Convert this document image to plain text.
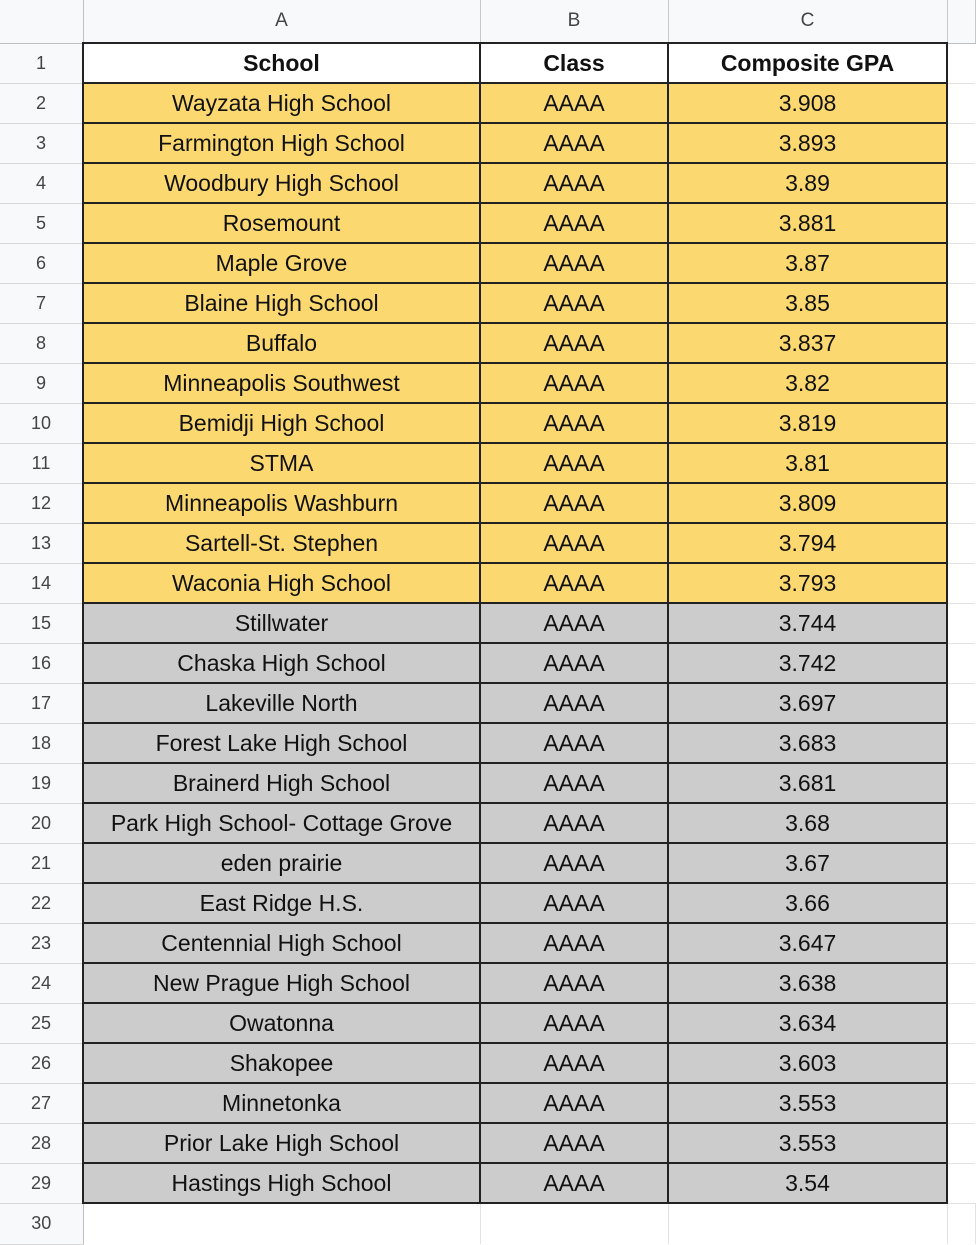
	A	B	C	
1	School	Class	Composite GPA	
2	Wayzata High School	AAAA	3.908	
3	Farmington High School	AAAA	3.893	
4	Woodbury High School	AAAA	3.89	
5	Rosemount	AAAA	3.881	
6	Maple Grove	AAAA	3.87	
7	Blaine High School	AAAA	3.85	
8	Buffalo	AAAA	3.837	
9	Minneapolis Southwest	AAAA	3.82	
10	Bemidji High School	AAAA	3.819	
11	STMA	AAAA	3.81	
12	Minneapolis Washburn	AAAA	3.809	
13	Sartell-St. Stephen	AAAA	3.794	
14	Waconia High School	AAAA	3.793	
15	Stillwater	AAAA	3.744	
16	Chaska High School	AAAA	3.742	
17	Lakeville North	AAAA	3.697	
18	Forest Lake High School	AAAA	3.683	
19	Brainerd High School	AAAA	3.681	
20	Park High School- Cottage Grove	AAAA	3.68	
21	eden prairie	AAAA	3.67	
22	East Ridge H.S.	AAAA	3.66	
23	Centennial High School	AAAA	3.647	
24	New Prague High School	AAAA	3.638	
25	Owatonna	AAAA	3.634	
26	Shakopee	AAAA	3.603	
27	Minnetonka	AAAA	3.553	
28	Prior Lake High School	AAAA	3.553	
29	Hastings High School	AAAA	3.54	
30				
